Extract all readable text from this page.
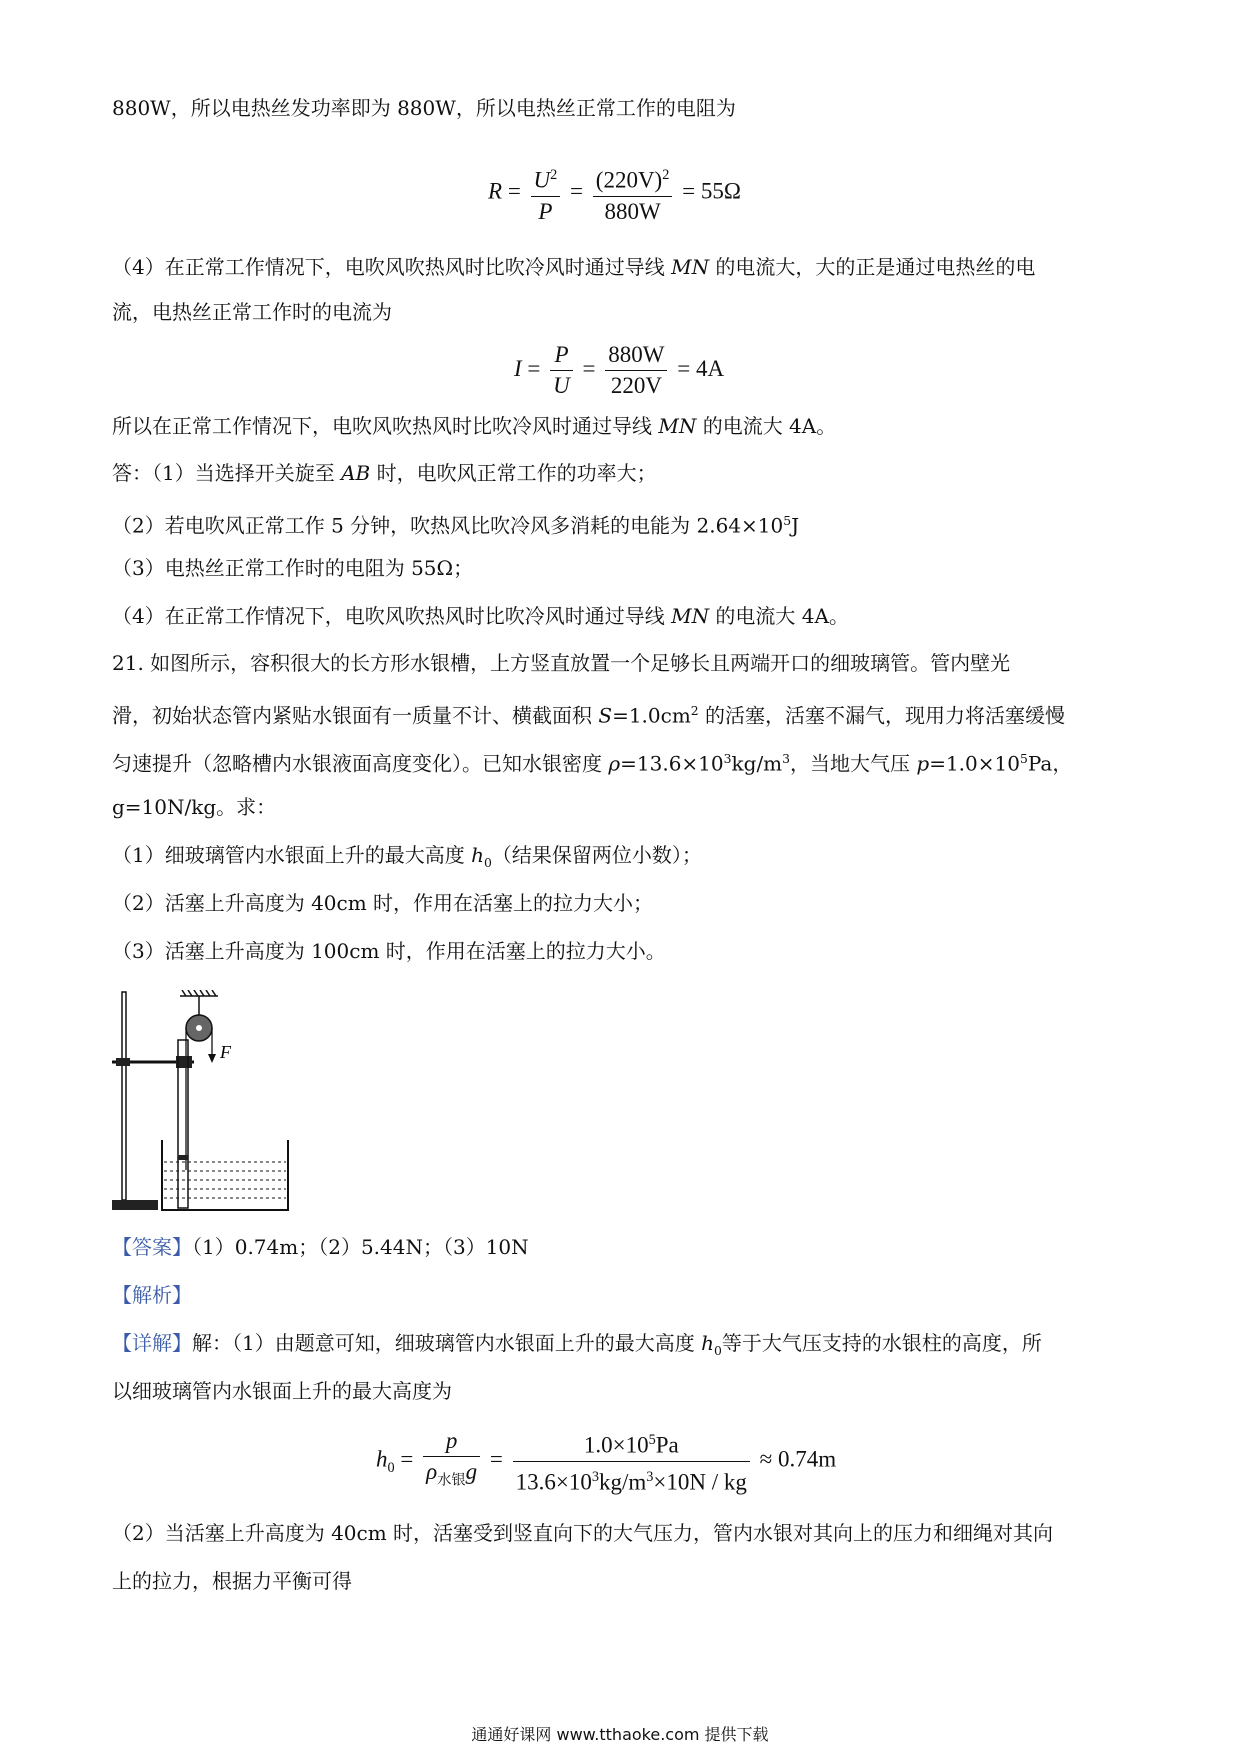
880W，所以电热丝发功率即为 880W，所以电热丝正常工作的电阻为
$R = \frac{U^2}{P} = \frac{(220V)^2}{880W} = 55\Omega$
（4）在正常工作情况下，电吹风吹热风时比吹冷风时通过导线 MN 的电流大，大的正是通过电热丝的电
流，电热丝正常工作时的电流为
$I = \frac{P}{U} = \frac{880W}{220V} = 4A$
所以在正常工作情况下，电吹风吹热风时比吹冷风时通过导线 MN 的电流大 4A。
答：（1）当选择开关旋至 AB 时，电吹风正常工作的功率大；
（2）若电吹风正常工作 5 分钟，吹热风比吹冷风多消耗的电能为 $2.64\times 10^5J$
（3）电热丝正常工作时的电阻为 55Ω；
（4）在正常工作情况下，电吹风吹热风时比吹冷风时通过导线 MN 的电流大 4A。
21. 如图所示，容积很大的长方形水银槽，上方竖直放置一个足够长且两端开口的细玻璃管。管内壁光
滑，初始状态管内紧贴水银面有一质量不计、横截面积 $S=1.0cm^2$ 的活塞，活塞不漏气，现用力将活塞缓慢
匀速提升（忽略槽内水银液面高度变化）。已知水银密度 $\rho=13.6\times 10^3kg/m^3$，当地大气压 $p=1.0\times 10^5Pa$，
g=10N/kg。求：
（1）细玻璃管内水银面上升的最大高度 $h_0$（结果保留两位小数）；
（2）活塞上升高度为 40cm 时，作用在活塞上的拉力大小；
（3）活塞上升高度为 100cm 时，作用在活塞上的拉力大小。
F
【答案】（1）0.74m；（2）5.44N；（3）10N
【解析】
【详解】解：（1）由题意可知，细玻璃管内水银面上升的最大高度 $h_0$等于大气压支持的水银柱的高度，所
以细玻璃管内水银面上升的最大高度为
$h_0 = \frac{p}{\rho_{水银}g} = \frac{1.0\times 10^5Pa}{13.6\times 10^3kg/m^3\times 10N / kg} \approx 0.74m$
（2）当活塞上升高度为 40cm 时，活塞受到竖直向下的大气压力，管内水银对其向上的压力和细绳对其向
上的拉力，根据力平衡可得
通通好课网 www.tthaoke.com 提供下载
